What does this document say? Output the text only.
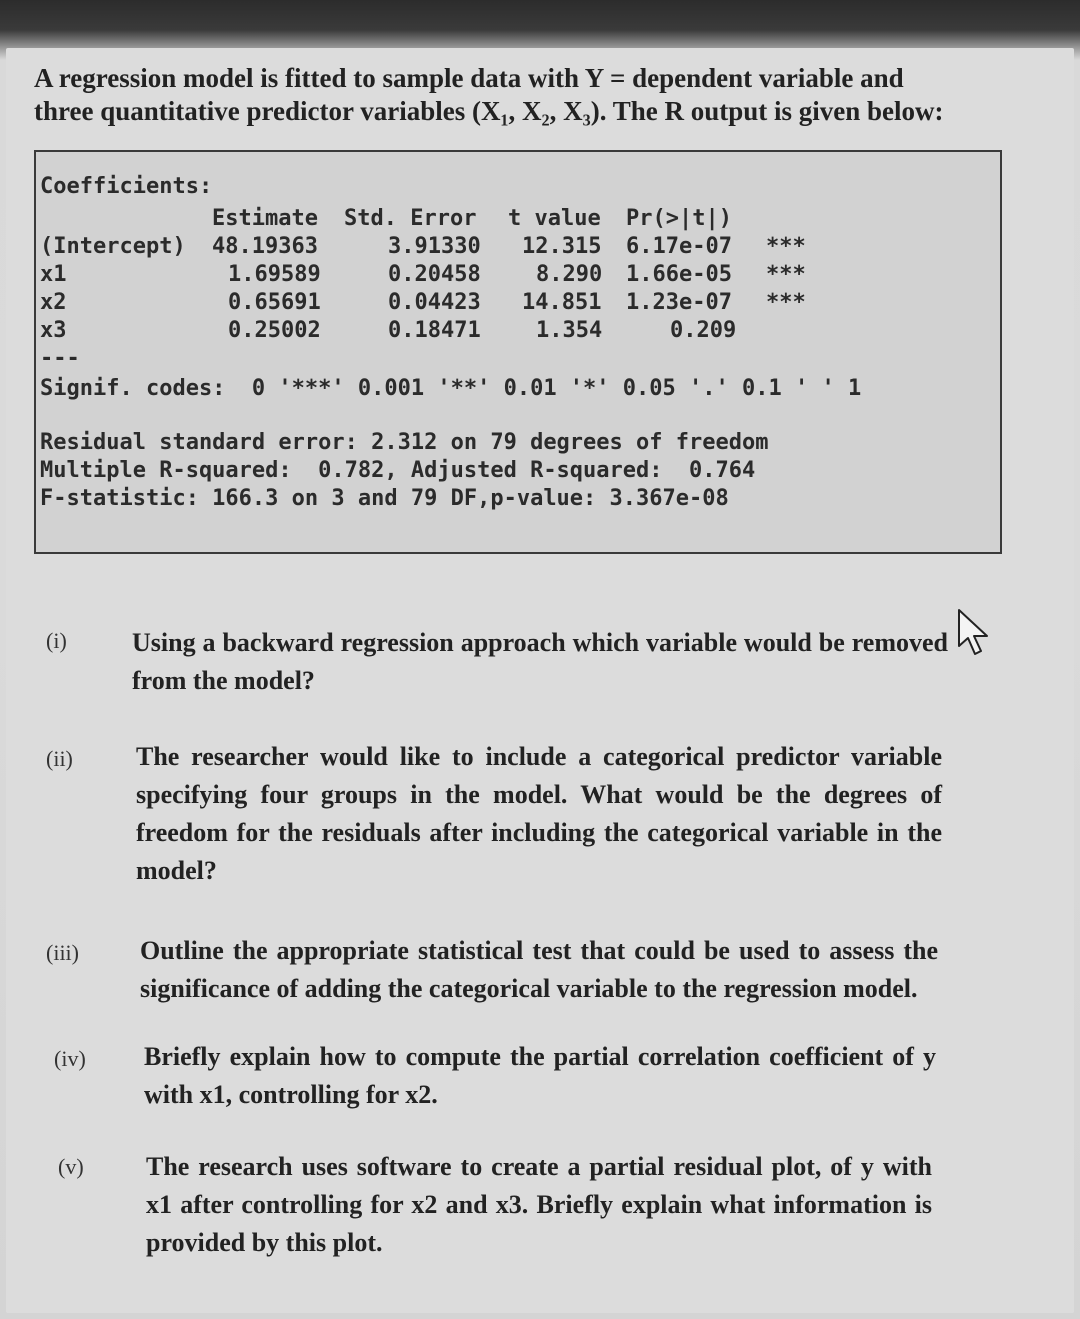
A regression model is fitted to sample data with Y = dependent variable and
three quantitative predictor variables (X₁, X₂, X₃). The R output is given below:
Coefficients:
Estimate Std. Error t value Pr(>|t|)
(Intercept) 48.19363	3.91330 12.315 6.17e-07 ***
x1	1.69589	0.20458	8.290 1.66e-05 ***
x2	0.65691	0.04423 14.851 1.23e-07 ***
x3	0.25002	0.18471	1.354	0.209
---
Signif. codes:  0 '***' 0.001 '**' 0.01 '*' 0.05 '.' 0.1 ' ' 1
Residual standard error: 2.312 on 79 degrees of freedom
Multiple R-squared:  0.782, Adjusted R-squared:  0.764
F-statistic: 166.3 on 3 and 79 DF,p-value: 3.367e-08
(i)	Using a backward regression approach which variable would be removed from the model?
(ii) The researcher would like to include a categorical predictor variable specifying four groups in the model. What would be the degrees of freedom for the residuals after including the categorical variable in the model?
(iii) Outline the appropriate statistical test that could be used to assess the significance of adding the categorical variable to the regression model.
(iv) Briefly explain how to compute the partial correlation coefficient of y with x1, controlling for x2.
(v) The research uses software to create a partial residual plot, of y with x1 after controlling for x2 and x3. Briefly explain what information is provided by this plot.
